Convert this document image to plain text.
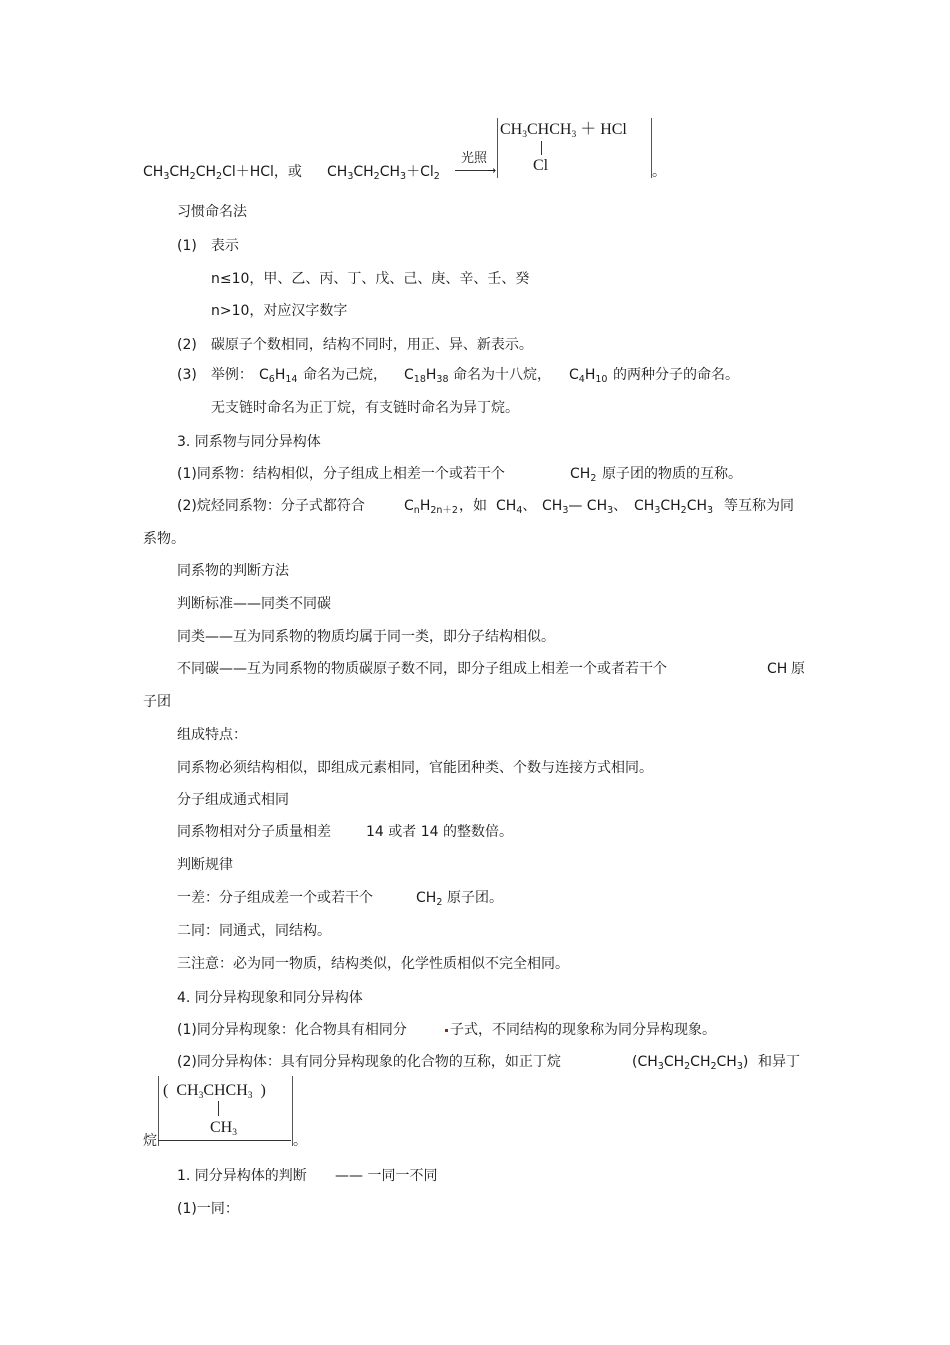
$CH_3CH_2CH_2Cl+HCl$，或 $CH_3CH_2CH_3+Cl_2$
光照
→
$CH_3CHCH_3$ ＋ HCl
Cl	。
习惯命名法
(1)　表示
n≤10，甲、乙、丙、丁、戊、己、庚、辛、壬、癸
n>10，对应汉字数字
(2)　碳原子个数相同，结构不同时，用正、异、新表示。
(3)　举例： $C_6H_{14}$ 命名为己烷， $C_{18}H_{38}$ 命名为十八烷， $C_4H_{10}$ 的两种分子的命名。
无支链时命名为正丁烷，有支链时命名为异丁烷。
3. 同系物与同分异构体
(1)同系物：结构相似，分子组成上相差一个或若干个	$CH_2$ 原子团的物质的互称。
(2)烷烃同系物：分子式都符合	$C_nH_{2n+2}$ ，如 $CH_4$、 $CH_3—$ $CH_3$、 $CH_3CH_2CH_3$ 等互称为同
系物。
同系物的判断方法
判断标准——同类不同碳
同类——互为同系物的物质均属于同一类，即分子结构相似。
不同碳——互为同系物的物质碳原子数不同，即分子组成上相差一个或者若干个	CH 原
子团
组成特点：
同系物必须结构相似，即组成元素相同，官能团种类、个数与连接方式相同。
分子组成通式相同
同系物相对分子质量相差	14 或者 14 的整数倍。
判断规律
一差：分子组成差一个或若干个	$CH_2$ 原子团。
二同：同通式，同结构。
三注意：必为同一物质，结构类似，化学性质相似不完全相同。
4. 同分异构现象和同分异构体
(1)同分异构现象：化合物具有相同分	子式，不同结构的现象称为同分异构现象。
(2)同分异构体：具有同分异构现象的化合物的互称，如正丁烷	$(CH_3CH_2CH_2CH_3)$ 和异丁
(  $CH_3CHCH_3$  )
$CH_3$
烷	。
1. 同分异构体的判断 —— 一同一不同
(1)一同：
